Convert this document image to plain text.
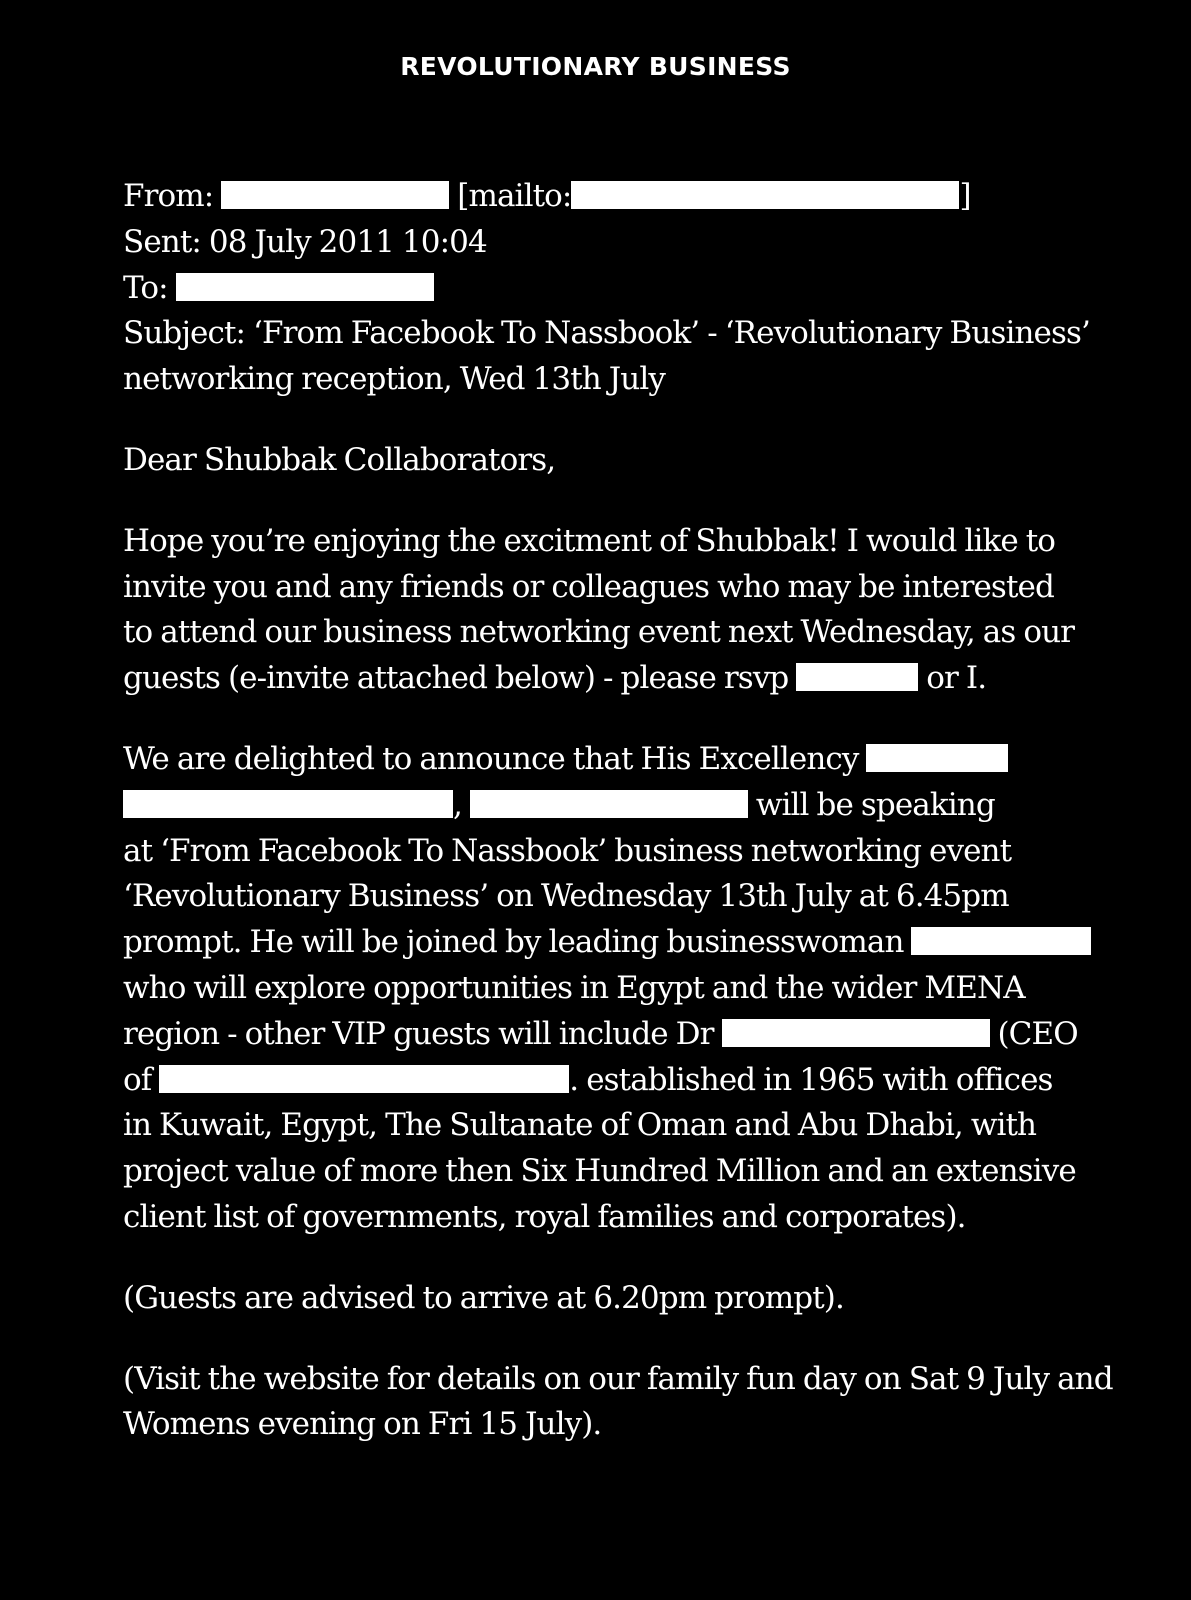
REVOLUTIONARY BUSINESS

From:	[mailto:	]
Sent: 08 July 2011 10:04
To:
Subject: ‘From Facebook To Nassbook’ - ‘Revolutionary Business’
networking reception, Wed 13th July

Dear Shubbak Collaborators,

Hope you’re enjoying the excitment of Shubbak! I would like to
invite you and any friends or colleagues who may be interested
to attend our business networking event next Wednesday, as our
guests (e-invite attached below) - please rsvp	or I.

We are delighted to announce that His Excellency
,	will be speaking
at ‘From Facebook To Nassbook’ business networking event
‘Revolutionary Business’ on Wednesday 13th July at 6.45pm
prompt. He will be joined by leading businesswoman
who will explore opportunities in Egypt and the wider MENA
region - other VIP guests will include Dr	(CEO
of	. established in 1965 with offices
in Kuwait, Egypt, The Sultanate of Oman and Abu Dhabi, with
project value of more then Six Hundred Million and an extensive
client list of governments, royal families and corporates).

(Guests are advised to arrive at 6.20pm prompt).

(Visit the website for details on our family fun day on Sat 9 July and
Womens evening on Fri 15 July).
